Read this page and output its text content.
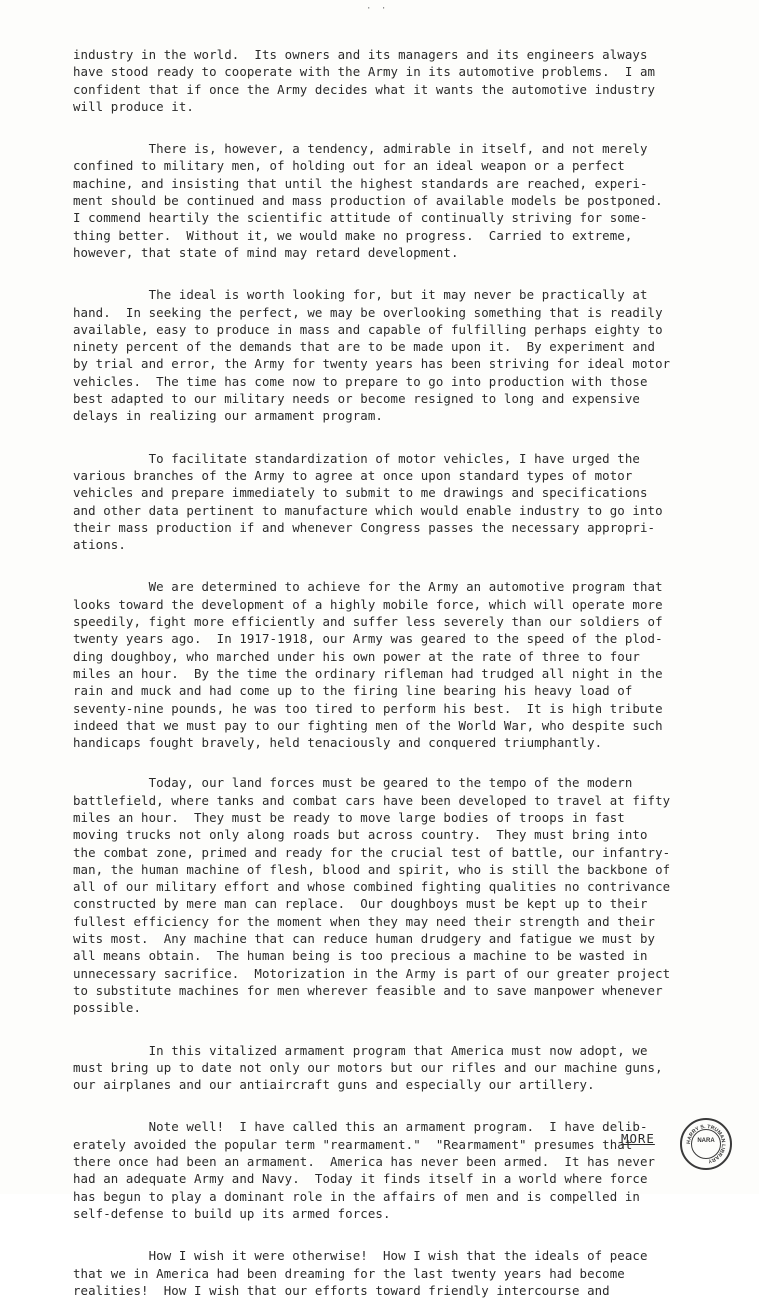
· ·

industry in the world.  Its owners and its managers and its engineers always
have stood ready to cooperate with the Army in its automotive problems.  I am
confident that if once the Army decides what it wants the automotive industry
will produce it.

There is, however, a tendency, admirable in itself, and not merely
confined to military men, of holding out for an ideal weapon or a perfect
machine, and insisting that until the highest standards are reached, experi-
ment should be continued and mass production of available models be postponed.
I commend heartily the scientific attitude of continually striving for some-
thing better.  Without it, we would make no progress.  Carried to extreme,
however, that state of mind may retard development.

The ideal is worth looking for, but it may never be practically at
hand.  In seeking the perfect, we may be overlooking something that is readily
available, easy to produce in mass and capable of fulfilling perhaps eighty to
ninety percent of the demands that are to be made upon it.  By experiment and
by trial and error, the Army for twenty years has been striving for ideal motor
vehicles.  The time has come now to prepare to go into production with those
best adapted to our military needs or become resigned to long and expensive
delays in realizing our armament program.

To facilitate standardization of motor vehicles, I have urged the
various branches of the Army to agree at once upon standard types of motor
vehicles and prepare immediately to submit to me drawings and specifications
and other data pertinent to manufacture which would enable industry to go into
their mass production if and whenever Congress passes the necessary appropri-
ations.

We are determined to achieve for the Army an automotive program that
looks toward the development of a highly mobile force, which will operate more
speedily, fight more efficiently and suffer less severely than our soldiers of
twenty years ago.  In 1917-1918, our Army was geared to the speed of the plod-
ding doughboy, who marched under his own power at the rate of three to four
miles an hour.  By the time the ordinary rifleman had trudged all night in the
rain and muck and had come up to the firing line bearing his heavy load of
seventy-nine pounds, he was too tired to perform his best.  It is high tribute
indeed that we must pay to our fighting men of the World War, who despite such
handicaps fought bravely, held tenaciously and conquered triumphantly.

Today, our land forces must be geared to the tempo of the modern
battlefield, where tanks and combat cars have been developed to travel at fifty
miles an hour.  They must be ready to move large bodies of troops in fast
moving trucks not only along roads but across country.  They must bring into
the combat zone, primed and ready for the crucial test of battle, our infantry-
man, the human machine of flesh, blood and spirit, who is still the backbone of
all of our military effort and whose combined fighting qualities no contrivance
constructed by mere man can replace.  Our doughboys must be kept up to their
fullest efficiency for the moment when they may need their strength and their
wits most.  Any machine that can reduce human drudgery and fatigue we must by
all means obtain.  The human being is too precious a machine to be wasted in
unnecessary sacrifice.  Motorization in the Army is part of our greater project
to substitute machines for men wherever feasible and to save manpower whenever
possible.

In this vitalized armament program that America must now adopt, we
must bring up to date not only our motors but our rifles and our machine guns,
our airplanes and our antiaircraft guns and especially our artillery.

Note well!  I have called this an armament program.  I have delib-
erately avoided the popular term "rearmament."  "Rearmament" presumes that
there once had been an armament.  America has never been armed.  It has never
had an adequate Army and Navy.  Today it finds itself in a world where force
has begun to play a dominant role in the affairs of men and is compelled in
self-defense to build up its armed forces.

How I wish it were otherwise!  How I wish that the ideals of peace
that we in America had been dreaming for the last twenty years had become
realities!  How I wish that our efforts toward friendly intercourse and

MORE	HARRY S. TRUMAN LIBRARY
NARA
